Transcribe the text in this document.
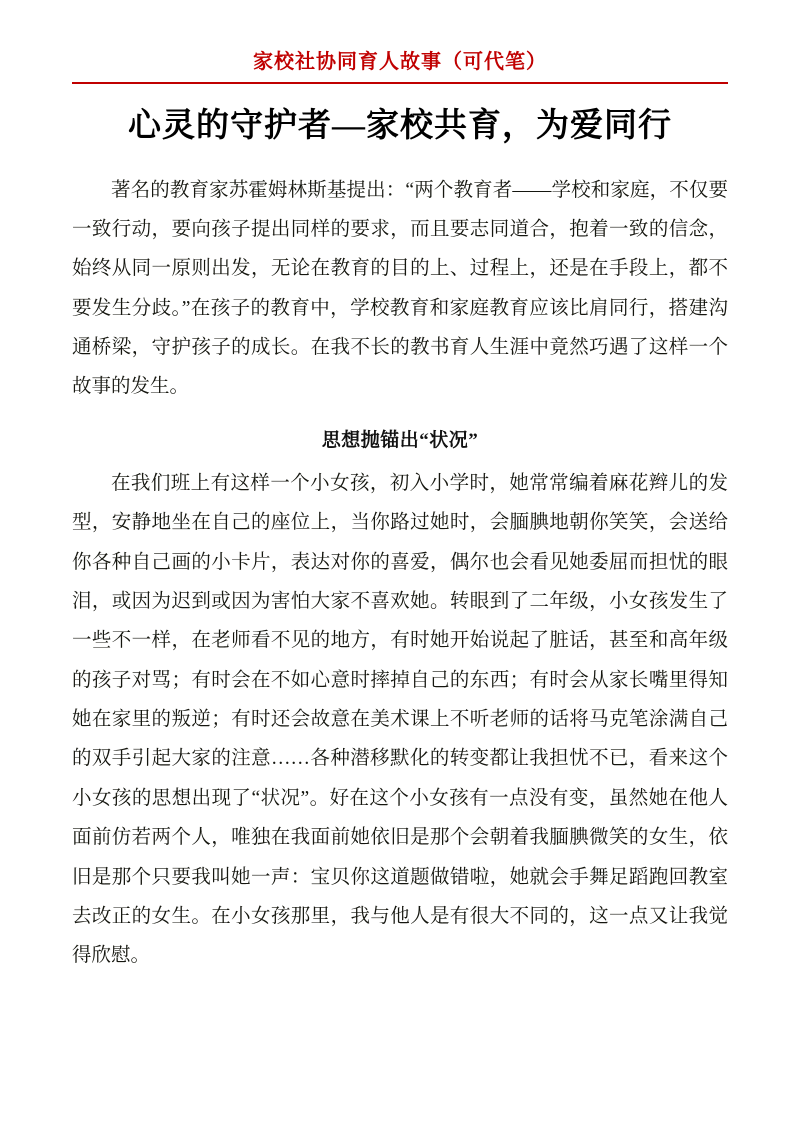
家校社协同育人故事（可代笔）
心灵的守护者—家校共育，为爱同行

著名的教育家苏霍姆林斯基提出：“两个教育者——学校和家庭，不仅要一致行动，要向孩子提出同样的要求，而且要志同道合，抱着一致的信念，始终从同一原则出发，无论在教育的目的上、过程上，还是在手段上，都不要发生分歧。”在孩子的教育中，学校教育和家庭教育应该比肩同行，搭建沟通桥梁，守护孩子的成长。在我不长的教书育人生涯中竟然巧遇了这样一个故事的发生。

思想抛锚出“状况”

在我们班上有这样一个小女孩，初入小学时，她常常编着麻花辫儿的发型，安静地坐在自己的座位上，当你路过她时，会腼腆地朝你笑笑，会送给你各种自己画的小卡片，表达对你的喜爱，偶尔也会看见她委屈而担忧的眼泪，或因为迟到或因为害怕大家不喜欢她。转眼到了二年级，小女孩发生了一些不一样，在老师看不见的地方，有时她开始说起了脏话，甚至和高年级的孩子对骂；有时会在不如心意时摔掉自己的东西；有时会从家长嘴里得知她在家里的叛逆；有时还会故意在美术课上不听老师的话将马克笔涂满自己的双手引起大家的注意……各种潜移默化的转变都让我担忧不已，看来这个小女孩的思想出现了“状况”。好在这个小女孩有一点没有变，虽然她在他人面前仿若两个人，唯独在我面前她依旧是那个会朝着我腼腆微笑的女生，依旧是那个只要我叫她一声：宝贝你这道题做错啦，她就会手舞足蹈跑回教室去改正的女生。在小女孩那里，我与他人是有很大不同的，这一点又让我觉得欣慰。
